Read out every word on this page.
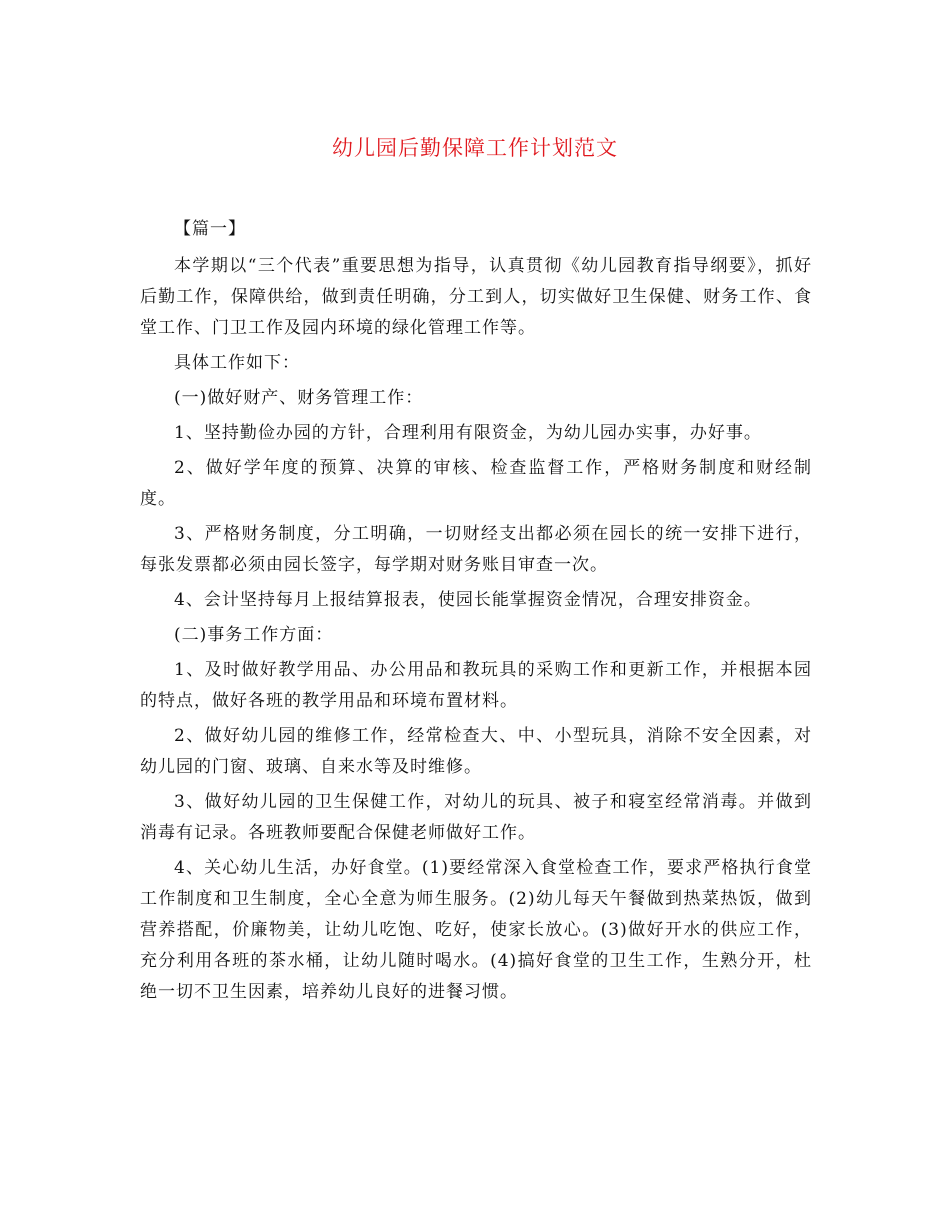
幼儿园后勤保障工作计划范文

【篇一】

本学期以“三个代表”重要思想为指导，认真贯彻《幼儿园教育指导纲要》，抓好后勤工作，保障供给，做到责任明确，分工到人，切实做好卫生保健、财务工作、食堂工作、门卫工作及园内环境的绿化管理工作等。

具体工作如下：

(一)做好财产、财务管理工作：

1、坚持勤俭办园的方针，合理利用有限资金，为幼儿园办实事，办好事。

2、做好学年度的预算、决算的审核、检查监督工作，严格财务制度和财经制度。

3、严格财务制度，分工明确，一切财经支出都必须在园长的统一安排下进行，每张发票都必须由园长签字，每学期对财务账目审查一次。

4、会计坚持每月上报结算报表，使园长能掌握资金情况，合理安排资金。

(二)事务工作方面：

1、及时做好教学用品、办公用品和教玩具的采购工作和更新工作，并根据本园的特点，做好各班的教学用品和环境布置材料。

2、做好幼儿园的维修工作，经常检查大、中、小型玩具，消除不安全因素，对幼儿园的门窗、玻璃、自来水等及时维修。

3、做好幼儿园的卫生保健工作，对幼儿的玩具、被子和寝室经常消毒。并做到消毒有记录。各班教师要配合保健老师做好工作。

4、关心幼儿生活，办好食堂。(1)要经常深入食堂检查工作，要求严格执行食堂工作制度和卫生制度，全心全意为师生服务。(2)幼儿每天午餐做到热菜热饭，做到营养搭配，价廉物美，让幼儿吃饱、吃好，使家长放心。(3)做好开水的供应工作，充分利用各班的茶水桶，让幼儿随时喝水。(4)搞好食堂的卫生工作，生熟分开，杜绝一切不卫生因素，培养幼儿良好的进餐习惯。
